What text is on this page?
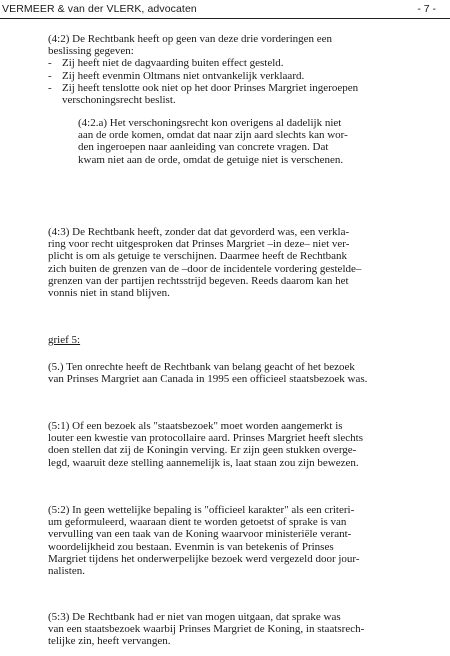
VERMEER & van der VLERK, advocaten	- 7 -
(4:2) De Rechtbank heeft op geen van deze drie vorderingen een
beslissing gegeven:
- Zij heeft niet de dagvaarding buiten effect gesteld.
- Zij heeft evenmin Oltmans niet ontvankelijk verklaard.
- Zij heeft tenslotte ook niet op het door Prinses Margriet ingeroepen
verschoningsrecht beslist.
(4:2.a) Het verschoningsrecht kon overigens al dadelijk niet
aan de orde komen, omdat dat naar zijn aard slechts kan wor-
den ingeroepen naar aanleiding van concrete vragen. Dat
kwam niet aan de orde, omdat de getuige niet is verschenen.
(4:3) De Rechtbank heeft, zonder dat dat gevorderd was, een verkla-
ring voor recht uitgesproken dat Prinses Margriet –in deze– niet ver-
plicht is om als getuige te verschijnen. Daarmee heeft de Rechtbank
zich buiten de grenzen van de –door de incidentele vordering gestelde–
grenzen van der partijen rechtsstrijd begeven. Reeds daarom kan het
vonnis niet in stand blijven.
grief 5:
(5.) Ten onrechte heeft de Rechtbank van belang geacht of het bezoek
van Prinses Margriet aan Canada in 1995 een officieel staatsbezoek was.
(5:1) Of een bezoek als "staatsbezoek" moet worden aangemerkt is
louter een kwestie van protocollaire aard. Prinses Margriet heeft slechts
doen stellen dat zij de Koningin verving. Er zijn geen stukken overge-
legd, waaruit deze stelling aannemelijk is, laat staan zou zijn bewezen.
(5:2) In geen wettelijke bepaling is "officieel karakter" als een criteri-
um geformuleerd, waaraan dient te worden getoetst of sprake is van
vervulling van een taak van de Koning waarvoor ministeriële verant-
woordelijkheid zou bestaan. Evenmin is van betekenis of Prinses
Margriet tijdens het onderwerpelijke bezoek werd vergezeld door jour-
nalisten.
(5:3) De Rechtbank had er niet van mogen uitgaan, dat sprake was
van een staatsbezoek waarbij Prinses Margriet de Koning, in staatsrech-
telijke zin, heeft vervangen.
